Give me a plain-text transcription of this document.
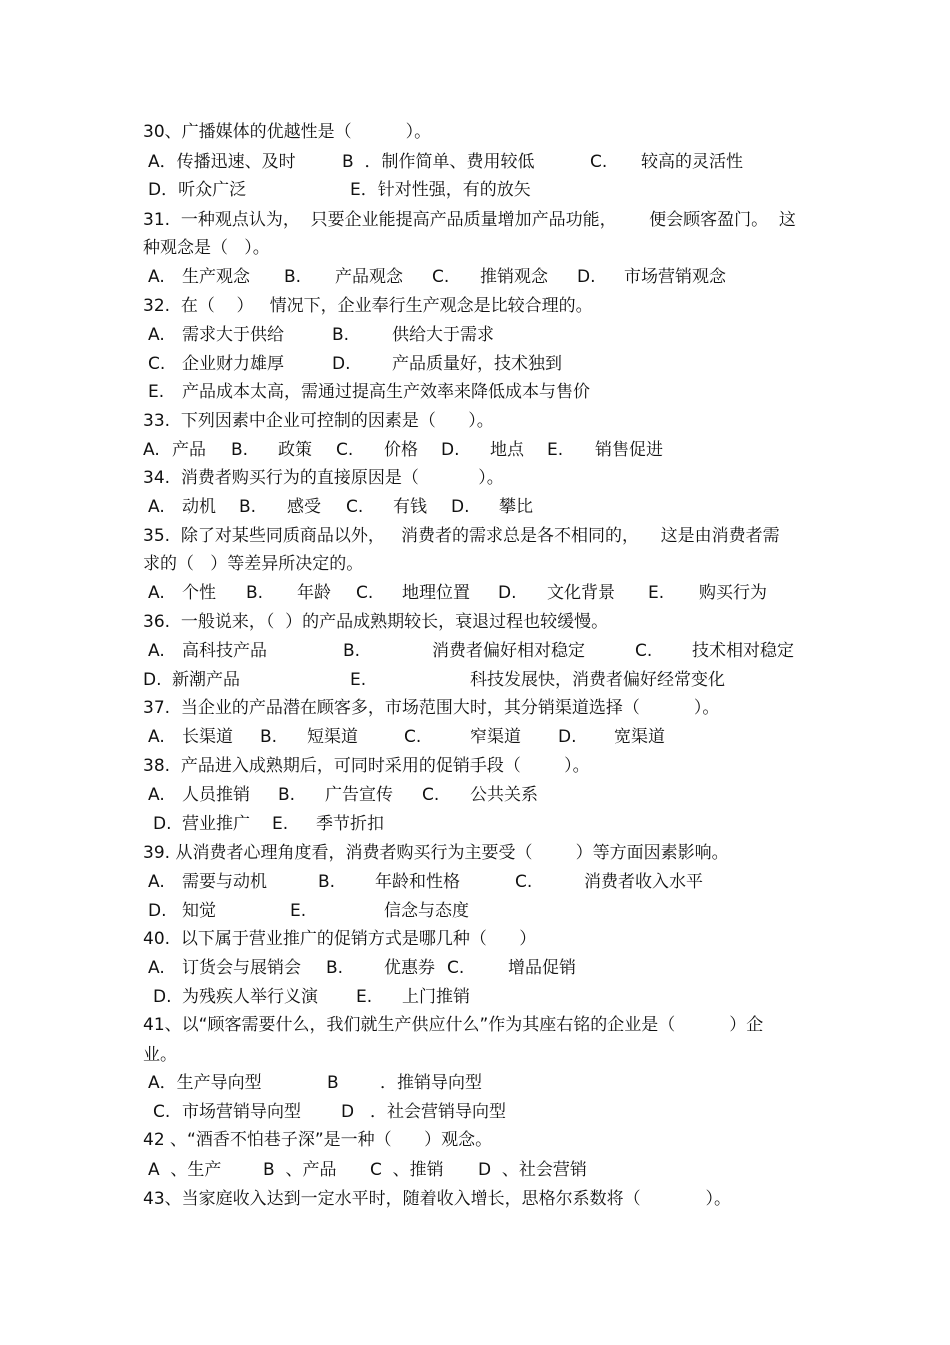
30、广播媒体的优越性是（          ）。
A．传播迅速、及时	B  ．制作简单、费用较低	C. 较高的灵活性
D．听众广泛	E．针对性强，有的放矢
31.  一种观点认为，  只要企业能提高产品质量增加产品功能，      便会顾客盈门。  这
种观念是（   ）。
A. 生产观念 B. 产品观念 C. 推销观念 D. 市场营销观念
32.  在（    ）   情况下，企业奉行生产观念是比较合理的。
A. 需求大于供给	B.	供给大于需求
C. 企业财力雄厚	D. 产品质量好，技术独到
E. 产品成本太高，需通过提高生产效率来降低成本与售价
33.  下列因素中企业可控制的因素是（      ）。
A. 产品 B. 政策 C. 价格 D. 地点 E. 销售促进
34.  消费者购买行为的直接原因是（           ）。
A. 动机 B. 感受 C. 有钱 D. 攀比
35.  除了对某些同质商品以外，   消费者的需求总是各不相同的，    这是由消费者需
求的（   ）等差异所决定的。
A. 个性 B. 年龄 C. 地理位置 D. 文化背景 E. 购买行为
36.  一般说来，（  ）的产品成熟期较长，衰退过程也较缓慢。
A. 高科技产品	B.	消费者偏好相对稳定	C. 技术相对稳定
D. 新潮产品	E.	科技发展快，消费者偏好经常变化
37.  当企业的产品潜在顾客多，市场范围大时，其分销渠道选择（          ）。
A. 长渠道 B. 短渠道	C.	窄渠道 D. 宽渠道
38.  产品进入成熟期后，可同时采用的促销手段（        ）。
A. 人员推销 B. 广告宣传 C. 公共关系
D. 营业推广 E. 季节折扣
39. 从消费者心理角度看，消费者购买行为主要受（        ）等方面因素影响。
A. 需要与动机	B. 年龄和性格	C.	消费者收入水平
D. 知觉	E.	信念与态度
40.  以下属于营业推广的促销方式是哪几种（      ）
A. 订货会与展销会 B. 优惠券 C.	增品促销
D. 为残疾人举行义演 E. 上门推销
41、以“顾客需要什么，我们就生产供应什么”作为其座右铭的企业是（          ）企
业。
A．生产导向型	B ．推销导向型
C. 市场营销导向型 D ．社会营销导向型
42 、“酒香不怕巷子深”是一种（      ）观念。
A  、生产 B  、产品 C  、推销 D  、社会营销
43、当家庭收入达到一定水平时，随着收入增长，思格尔系数将（            ）。
